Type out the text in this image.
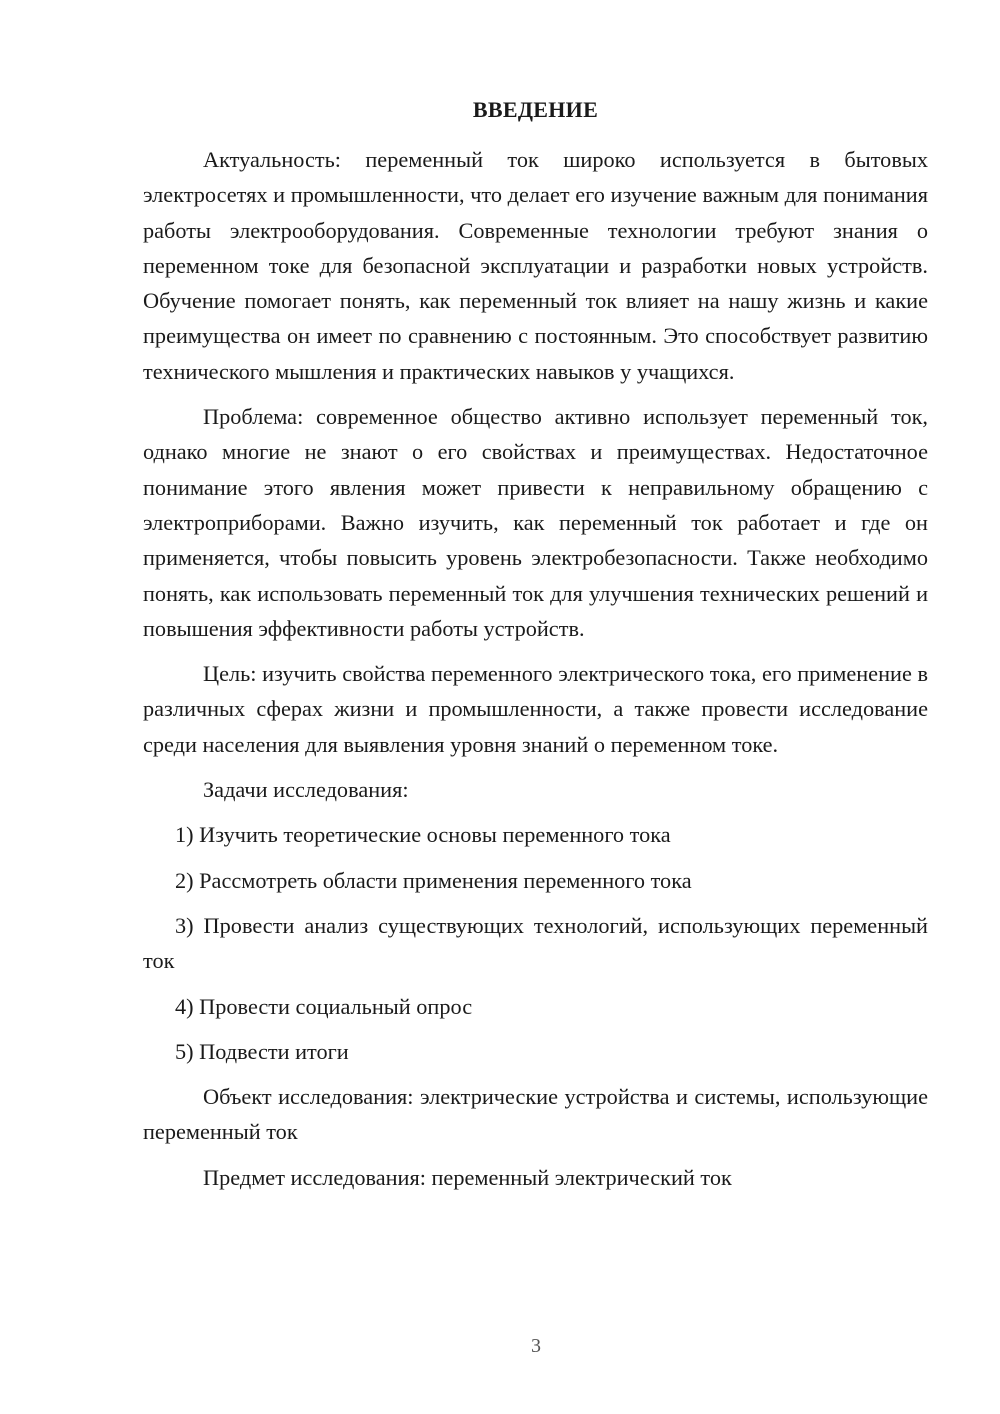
ВВЕДЕНИЕ

Актуальность: переменный ток широко используется в бытовых электросетях и промышленности, что делает его изучение важным для понимания работы электрооборудования. Современные технологии требуют знания о переменном токе для безопасной эксплуатации и разработки новых устройств. Обучение помогает понять, как переменный ток влияет на нашу жизнь и какие преимущества он имеет по сравнению с постоянным. Это способствует развитию технического мышления и практических навыков у учащихся.

Проблема: современное общество активно использует переменный ток, однако многие не знают о его свойствах и преимуществах. Недостаточное понимание этого явления может привести к неправильному обращению с электроприборами. Важно изучить, как переменный ток работает и где он применяется, чтобы повысить уровень электробезопасности. Также необходимо понять, как использовать переменный ток для улучшения технических решений и повышения эффективности работы устройств.

Цель: изучить свойства переменного электрического тока, его применение в различных сферах жизни и промышленности, а также провести исследование среди населения для выявления уровня знаний о переменном токе.

Задачи исследования:

1) Изучить теоретические основы переменного тока

2) Рассмотреть области применения переменного тока

3) Провести анализ существующих технологий, использующих переменный ток

4) Провести социальный опрос

5) Подвести итоги

Объект исследования: электрические устройства и системы, использующие переменный ток

Предмет исследования: переменный электрический ток

3
